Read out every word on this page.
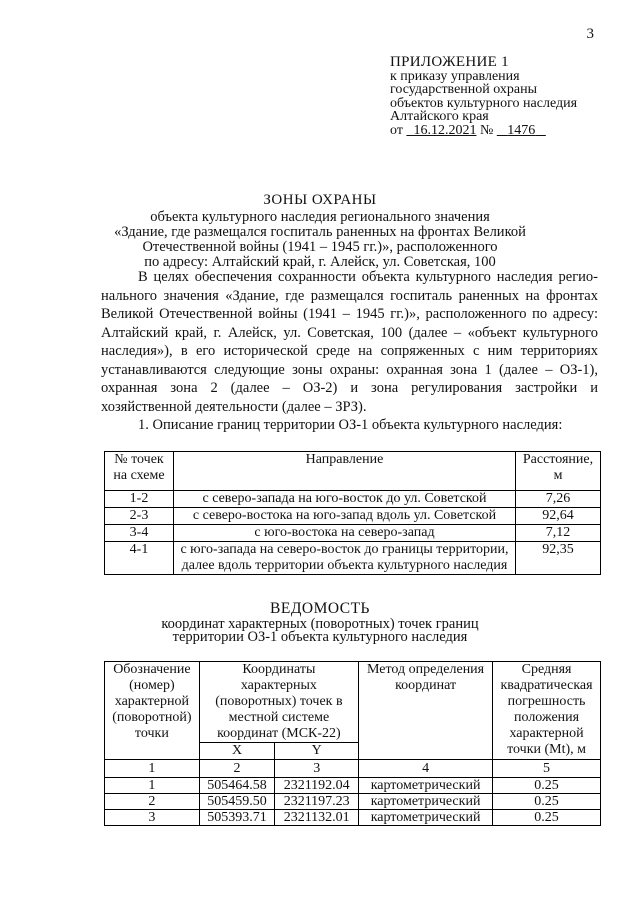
3
ПРИЛОЖЕНИЕ 1
к приказу управления
государственной охраны
объектов культурного наследия
Алтайского края
от 16.12.2021 № 1476
ЗОНЫ ОХРАНЫ
объекта культурного наследия регионального значения
«Здание, где размещался госпиталь раненных на фронтах Великой
Отечественной войны (1941 – 1945 гг.)», расположенного
по адресу: Алтайский край, г. Алейск, ул. Советская, 100

В целях обеспечения сохранности объекта культурного наследия регио-нального значения «Здание, где размещался госпиталь раненных на фронтах Великой Отечественной войны (1941 – 1945 гг.)», расположенного по адресу: Алтайский край, г. Алейск, ул. Советская, 100 (далее – «объект культурного наследия»), в его исторической среде на сопряженных с ним территориях устанавливаются следующие зоны охраны: охранная зона 1 (далее – ОЗ-1), охранная зона 2 (далее – ОЗ-2) и зона регулирования застройки и хозяйственной деятельности (далее – ЗРЗ).

1. Описание границ территории ОЗ-1 объекта культурного наследия:

№ точек на схеме	Направление	Расстояние, м
1-2	с северо-запада на юго-восток до ул. Советской	7,26
2-3	с северо-востока на юго-запад вдоль ул. Советской	92,64
3-4	с юго-востока на северо-запад	7,12
4-1	с юго-запада на северо-восток до границы территории, далее вдоль территории объекта культурного наследия	92,35
ВЕДОМОСТЬ
координат характерных (поворотных) точек границ
территории ОЗ-1 объекта культурного наследия
Обозначение (номер) характерной (поворотной) точки	Координаты характерных (поворотных) точек в местной системе координат (МСК-22)		Метод определения координат	Средняя квадратическая погрешность положения характерной точки (Mt), м
	X	Y		
1	2	3	4	5
1	505464.58	2321192.04	картометрический	0.25
2	505459.50	2321197.23	картометрический	0.25
3	505393.71	2321132.01	картометрический	0.25
